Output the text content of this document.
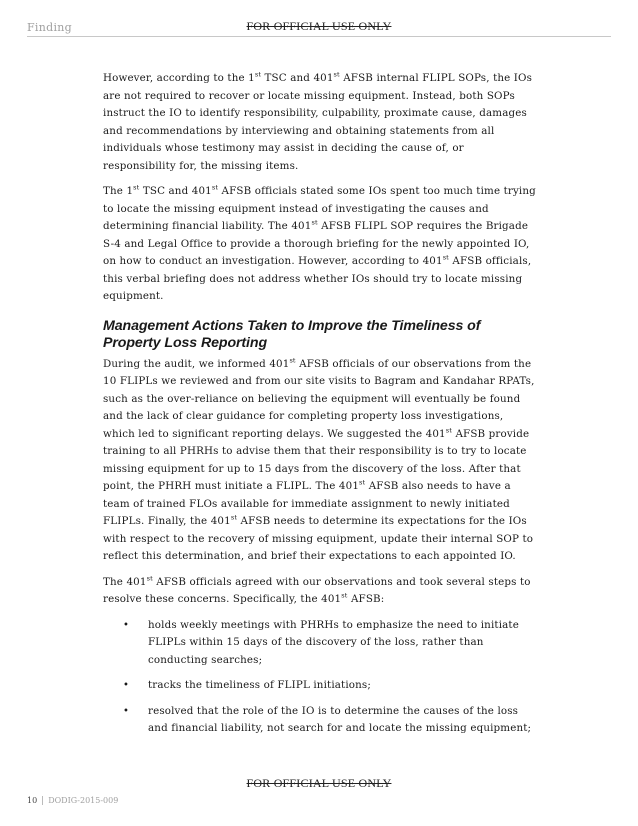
Finding	FOR OFFICIAL USE ONLY

However, according to the 1st TSC and 401st AFSB internal FLIPL SOPs, the IOs are not required to recover or locate missing equipment. Instead, both SOPs instruct the IO to identify responsibility, culpability, proximate cause, damages and recommendations by interviewing and obtaining statements from all individuals whose testimony may assist in deciding the cause of, or responsibility for, the missing items.

The 1st TSC and 401st AFSB officials stated some IOs spent too much time trying to locate the missing equipment instead of investigating the causes and determining financial liability. The 401st AFSB FLIPL SOP requires the Brigade S-4 and Legal Office to provide a thorough briefing for the newly appointed IO, on how to conduct an investigation. However, according to 401st AFSB officials, this verbal briefing does not address whether IOs should try to locate missing equipment.

Management Actions Taken to Improve the Timeliness of Property Loss Reporting

During the audit, we informed 401st AFSB officials of our observations from the 10 FLIPLs we reviewed and from our site visits to Bagram and Kandahar RPATs, such as the over-reliance on believing the equipment will eventually be found and the lack of clear guidance for completing property loss investigations, which led to significant reporting delays. We suggested the 401st AFSB provide training to all PHRHs to advise them that their responsibility is to try to locate missing equipment for up to 15 days from the discovery of the loss. After that point, the PHRH must initiate a FLIPL. The 401st AFSB also needs to have a team of trained FLOs available for immediate assignment to newly initiated FLIPLs. Finally, the 401st AFSB needs to determine its expectations for the IOs with respect to the recovery of missing equipment, update their internal SOP to reflect this determination, and brief their expectations to each appointed IO.

The 401st AFSB officials agreed with our observations and took several steps to resolve these concerns. Specifically, the 401st AFSB:

• holds weekly meetings with PHRHs to emphasize the need to initiate FLIPLs within 15 days of the discovery of the loss, rather than conducting searches;
• tracks the timeliness of FLIPL initiations;
• resolved that the role of the IO is to determine the causes of the loss and financial liability, not search for and locate the missing equipment;
FOR OFFICIAL USE ONLY
10	DODIG-2015-009
